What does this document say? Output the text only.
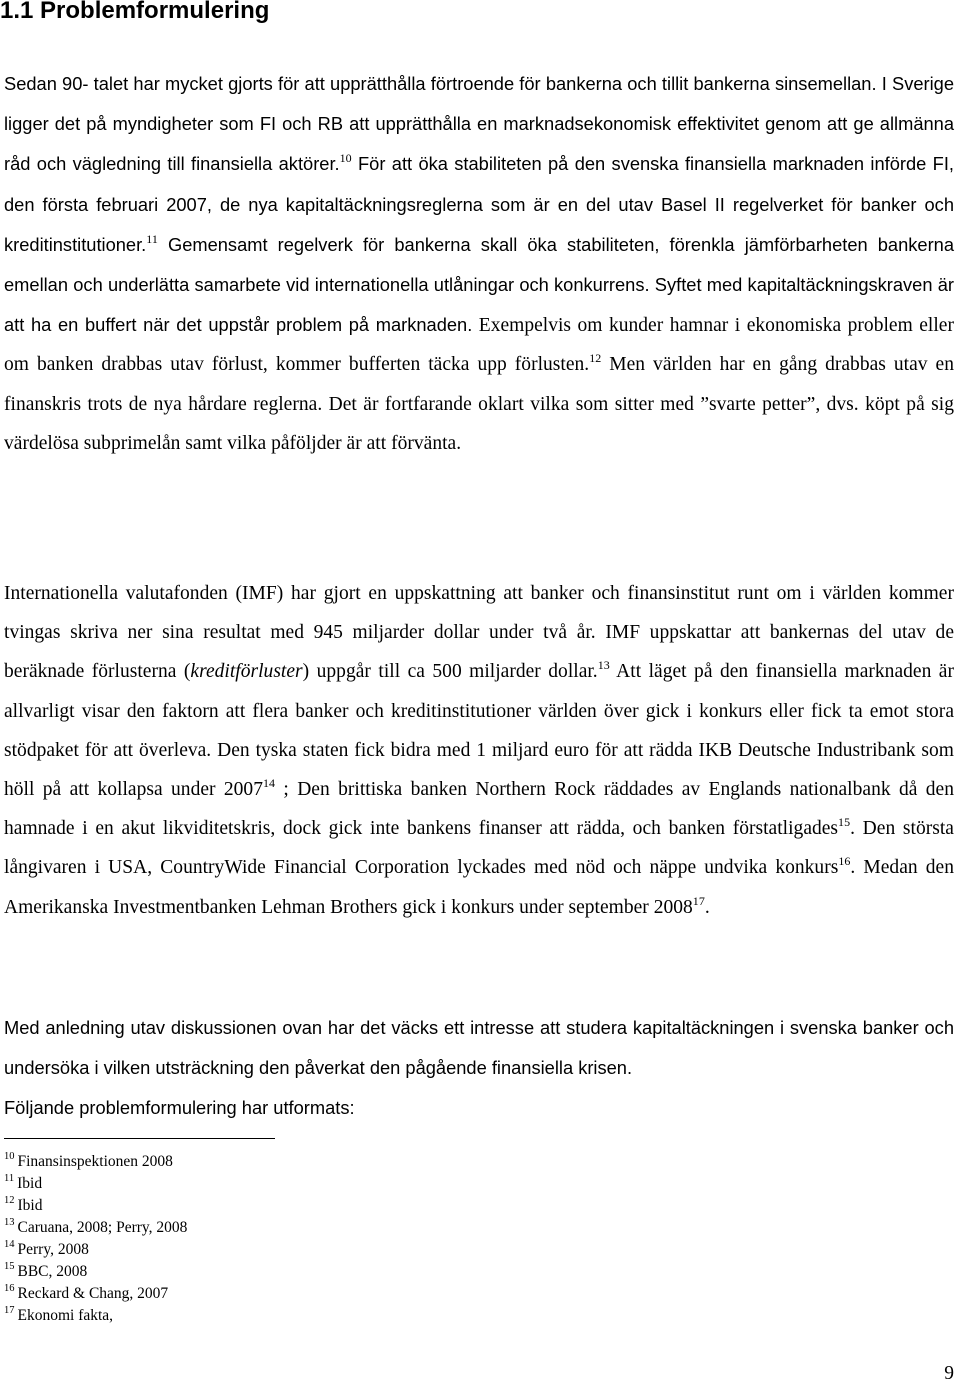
1.1 Problemformulering

Sedan 90- talet har mycket gjorts för att upprätthålla förtroende för bankerna och tillit bankerna sinsemellan. I Sverige ligger det på myndigheter som FI och RB att upprätthålla en marknadsekonomisk effektivitet genom att ge allmänna råd och vägledning till finansiella aktörer.$^{10}$ För att öka stabiliteten på den svenska finansiella marknaden införde FI, den första februari 2007, de nya kapitaltäckningsreglerna som är en del utav Basel II regelverket för banker och kreditinstitutioner.$^{11}$ Gemensamt regelverk för bankerna skall öka stabiliteten, förenkla jämförbarheten bankerna emellan och underlätta samarbete vid internationella utlåningar och konkurrens. Syftet med kapitaltäckningskraven är att ha en buffert när det uppstår problem på marknaden. Exempelvis om kunder hamnar i ekonomiska problem eller om banken drabbas utav förlust, kommer bufferten täcka upp förlusten.$^{12}$ Men världen har en gång drabbas utav en finanskris trots de nya hårdare reglerna. Det är fortfarande oklart vilka som sitter med ”svarte petter”, dvs. köpt på sig värdelösa subprimelån samt vilka påföljder är att förvänta.

Internationella valutafonden (IMF) har gjort en uppskattning att banker och finansinstitut runt om i världen kommer tvingas skriva ner sina resultat med 945 miljarder dollar under två år. IMF uppskattar att bankernas del utav de beräknade förlusterna (kreditförluster) uppgår till ca 500 miljarder dollar.$^{13}$ Att läget på den finansiella marknaden är allvarligt visar den faktorn att flera banker och kreditinstitutioner världen över gick i konkurs eller fick ta emot stora stödpaket för att överleva. Den tyska staten fick bidra med 1 miljard euro för att rädda IKB Deutsche Industribank som höll på att kollapsa under 2007$^{14}$ ; Den brittiska banken Northern Rock räddades av Englands nationalbank då den hamnade i en akut likviditetskris, dock gick inte bankens finanser att rädda, och banken förstatligades$^{15}$. Den största långivaren i USA, CountryWide Financial Corporation lyckades med nöd och näppe undvika konkurs$^{16}$. Medan den Amerikanska Investmentbanken Lehman Brothers gick i konkurs under september 2008$^{17}$.

Med anledning utav diskussionen ovan har det väcks ett intresse att studera kapitaltäckningen i svenska banker och undersöka i vilken utsträckning den påverkat den pågående finansiella krisen.
Följande problemformulering har utformats:

$^{10}$ Finansinspektionen 2008
$^{11}$ Ibid
$^{12}$ Ibid
$^{13}$ Caruana, 2008; Perry, 2008
$^{14}$ Perry, 2008
$^{15}$ BBC, 2008
$^{16}$ Reckard & Chang, 2007
$^{17}$ Ekonomi fakta,
9
